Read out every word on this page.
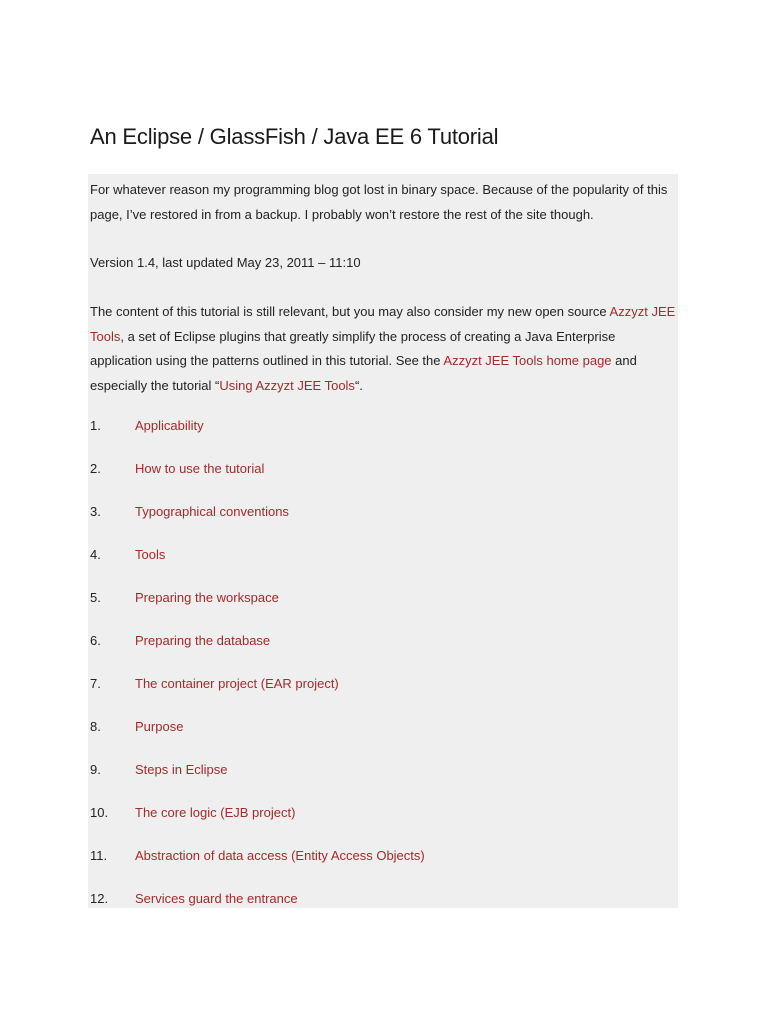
An Eclipse / GlassFish / Java EE 6 Tutorial

For whatever reason my programming blog got lost in binary space. Because of the popularity of this page, I’ve restored in from a backup. I probably won’t restore the rest of the site though.

Version 1.4, last updated May 23, 2011 – 11:10

The content of this tutorial is still relevant, but you may also consider my new open source Azzyzt JEE Tools, a set of Eclipse plugins that greatly simplify the process of creating a Java Enterprise application using the patterns outlined in this tutorial. See the Azzyzt JEE Tools home page and especially the tutorial “Using Azzyzt JEE Tools“.

1.	Applicability
2.	How to use the tutorial
3.	Typographical conventions
4.	Tools
5.	Preparing the workspace
6.	Preparing the database
7.	The container project (EAR project)
8.	Purpose
9.	Steps in Eclipse
10. The core logic (EJB project)
11. Abstraction of data access (Entity Access Objects)
12. Services guard the entrance
